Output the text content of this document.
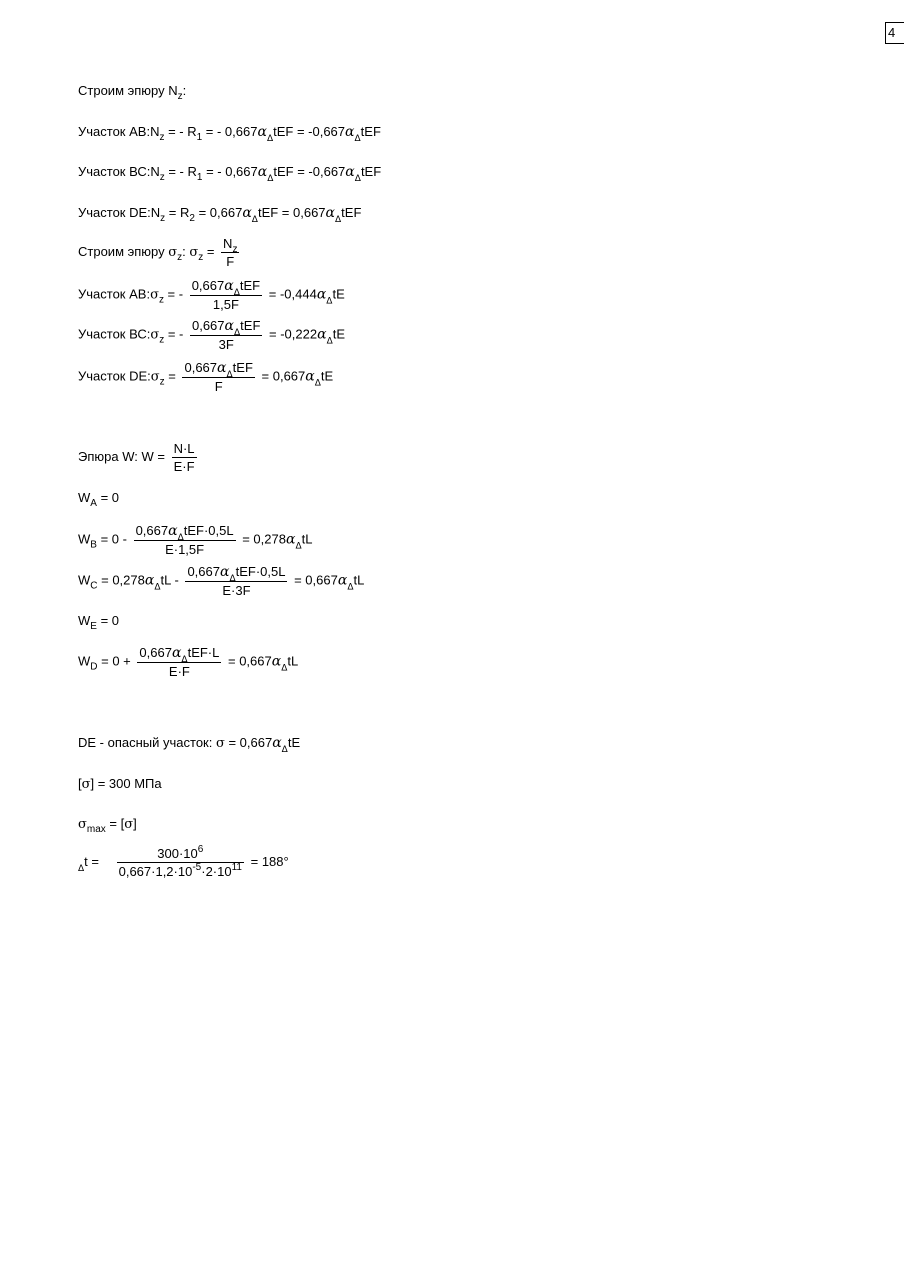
4
Строим эпюру $N_z$:
Участок $АВ:N_z$ = - $R_1$ = - $0,667\alpha_\Delta tEF = -0,667\alpha_\Delta tEF$
Участок $ВС:N_z$ = - $R_1$ = - $0,667\alpha_\Delta tEF = -0,667\alpha_\Delta tEF$
Участок $DE:N_z = R_2 = 0,667\alpha_\Delta tEF = 0,667\alpha_\Delta tEF$
Строим эпюру $\sigma_z$: $\sigma_z = \frac{N_z}{F}$
Участок $АВ:\sigma_z$ = - $\frac{0,667\alpha_\Delta tEF}{1,5F} = -0,444\alpha_\Delta tE$
Участок $ВС:\sigma_z$ = - $\frac{0,667\alpha_\Delta tEF}{3F} = -0,222\alpha_\Delta tE$
Участок $DE:\sigma_z = \frac{0,667\alpha_\Delta tEF}{F} = 0,667\alpha_\Delta tE$
Эпюра W: $W = \frac{N\cdot L}{E\cdot F}$
$W_A = 0$
$W_B = 0 - \frac{0,667\alpha_\Delta tEF\cdot 0,5L}{E\cdot 1,5F} = 0,278\alpha_\Delta tL$
$W_C = 0,278\alpha_\Delta tL - \frac{0,667\alpha_\Delta tEF\cdot 0,5L}{E\cdot 3F} = 0,667\alpha_\Delta tL$
$W_E = 0$
$W_D = 0 + \frac{0,667\alpha_\Delta tEF\cdot L}{E\cdot F} = 0,667\alpha_\Delta tL$
DE - опасный участок: $\sigma = 0,667\alpha_\Delta tE$
[σ] = 300 МПа
$\sigma_{max} = [\sigma]$
$_\Delta t = \frac{300\cdot 10^6}{0,667\cdot 1,2\cdot 10^{-5}\cdot 2\cdot 10^{11}} = 188^\circ$
